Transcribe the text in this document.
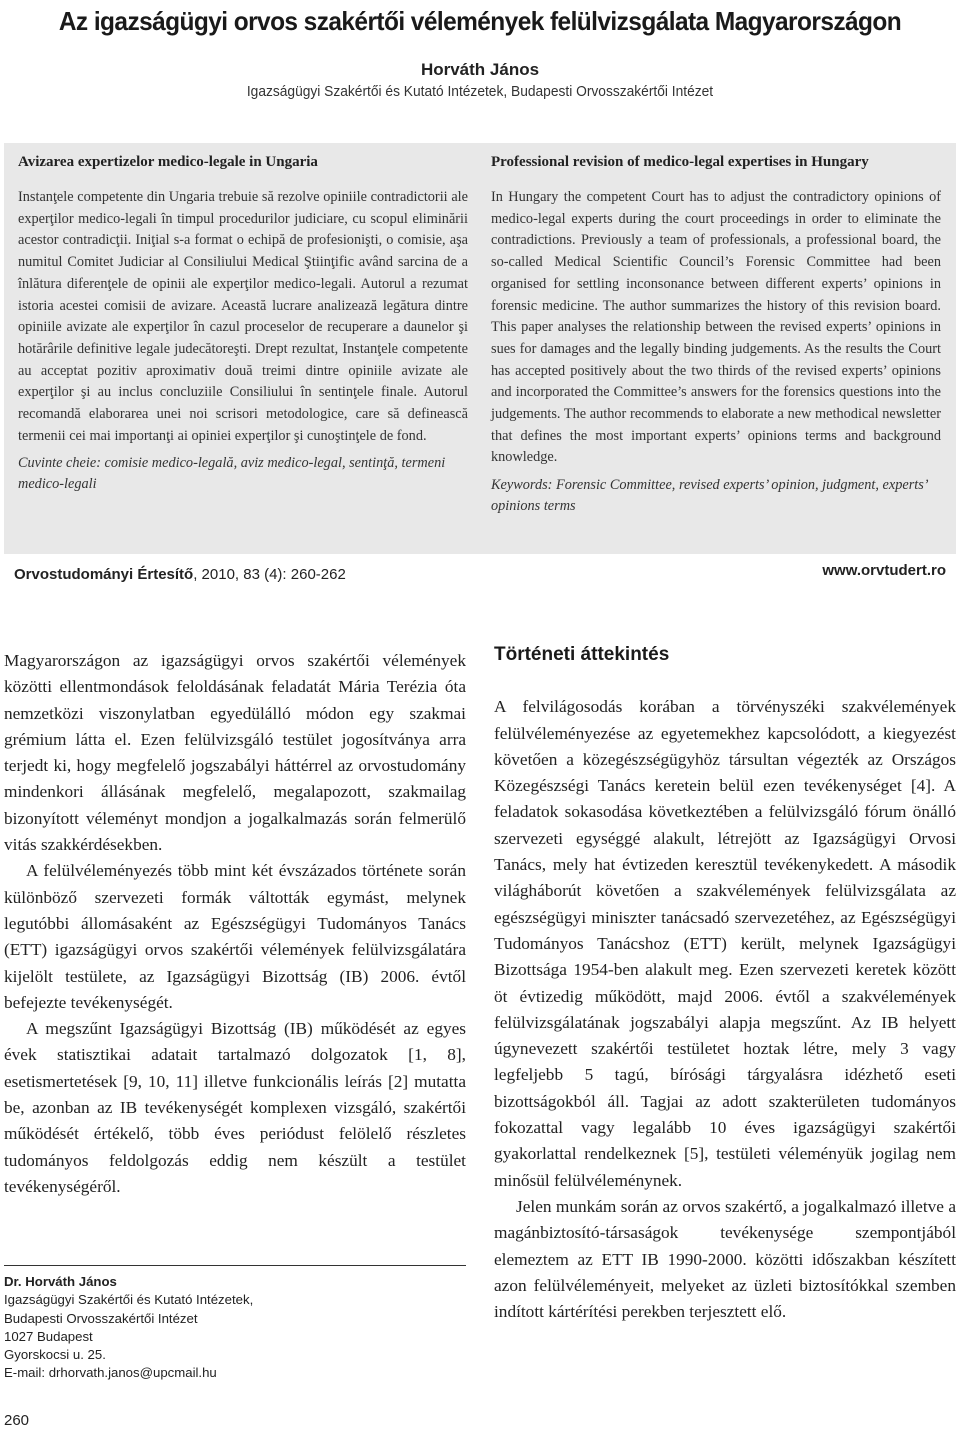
Az igazságügyi orvos szakértői vélemények felülvizsgálata Magyarországon
Horváth János
Igazságügyi Szakértői és Kutató Intézetek, Budapesti Orvosszakértői Intézet
Avizarea expertizelor medico-legale in Ungaria

Instanţele competente din Ungaria trebuie să rezolve opiniile contradictorii ale experţilor medico-legali în timpul procedurilor judiciare, cu scopul eliminării acestor contradicţii. Iniţial s-a format o echipă de profesionişti, o comisie, aşa numitul Comitet Judiciar al Consiliului Medical Ştiinţific având sarcina de a înlătura diferenţele de opinii ale experţilor medico-legali. Autorul a rezumat istoria acestei comisii de avizare. Această lucrare analizează legătura dintre opiniile avizate ale experţilor în cazul proceselor de recuperare a daunelor şi hotărârile definitive legale judecătoreşti. Drept rezultat, Instanţele competente au acceptat pozitiv aproximativ două treimi dintre opiniile avizate ale experţilor şi au inclus concluziile Consiliului în sentinţele finale. Autorul recomandă elaborarea unei noi scrisori metodologice, care să definească termenii cei mai importanţi ai opiniei experţilor şi cunoştinţele de fond.

Cuvinte cheie: comisie medico-legală, aviz medico-legal, sentinţă, termeni medico-legali

Professional revision of medico-legal expertises in Hungary

In Hungary the competent Court has to adjust the contradictory opinions of medico-legal experts during the court proceedings in order to eliminate the contradictions. Previously a team of professionals, a professional board, the so-called Medical Scientific Council’s Forensic Committee had been organised for settling inconsonance between different experts’ opinions in forensic medicine. The author summarizes the history of this revision board. This paper analyses the relationship between the revised experts’ opinions in sues for damages and the legally binding judgements. As the results the Court has accepted positively about the two thirds of the revised experts’ opinions and incorporated the Committee’s answers for the forensics questions into the judgements. The author recommends to elaborate a new methodical newsletter that defines the most important experts’ opinions terms and background knowledge.

Keywords: Forensic Committee, revised experts’ opinion, judgment, experts’ opinions terms

Orvostudományi Értesítő, 2010, 83 (4): 260-262	www.orvtudert.ro

Magyarországon az igazságügyi orvos szakértői vélemények közötti ellentmondások feloldásának feladatát Mária Terézia óta nemzetközi viszonylatban egyedülálló módon egy szakmai grémium látta el. Ezen felülvizsgáló testület jogosítványa arra terjedt ki, hogy megfelelő jogszabályi háttérrel az orvostudomány mindenkori állásának megfelelő, megalapozott, szakmailag bizonyított véleményt mondjon a jogalkalmazás során felmerülő vitás szakkérdésekben.

A felülvéleményezés több mint két évszázados története során különböző szervezeti formák váltották egymást, melynek legutóbbi állomásaként az Egészségügyi Tudományos Tanács (ETT) igazságügyi orvos szakértői vélemények felülvizsgálatára kijelölt testülete, az Igazságügyi Bizottság (IB) 2006. évtől befejezte tevékenységét.

A megszűnt Igazságügyi Bizottság (IB) működését az egyes évek statisztikai adatait tartalmazó dolgozatok [1, 8], esetismertetések [9, 10, 11] illetve funkcionális leírás [2] mutatta be, azonban az IB tevékenységét komplexen vizsgáló, szakértői működését értékelő, több éves periódust felölelő részletes tudományos feldolgozás eddig nem készült a testület tevékenységéről.

Dr. Horváth János
Igazságügyi Szakértői és Kutató Intézetek,
Budapesti Orvosszakértői Intézet
1027 Budapest
Gyorskocsi u. 25.
E-mail: drhorvath.janos@upcmail.hu
Történeti áttekintés

A felvilágosodás korában a törvényszéki szakvélemények felülvéleményezése az egyetemekhez kapcsolódott, a kiegyezést követően a közegészségügyhöz társultan végezték az Országos Közegészségi Tanács keretein belül ezen tevékenységet [4]. A feladatok sokasodása következtében a felülvizsgáló fórum önálló szervezeti egységgé alakult, létrejött az Igazságügyi Orvosi Tanács, mely hat évtizeden keresztül tevékenykedett. A második világháborút követően a szakvélemények felülvizsgálata az egészségügyi miniszter tanácsadó szervezetéhez, az Egészségügyi Tudományos Tanácshoz (ETT) került, melynek Igazságügyi Bizottsága 1954-ben alakult meg. Ezen szervezeti keretek között öt évtizedig működött, majd 2006. évtől a szakvélemények felülvizsgálatának jogszabályi alapja megszűnt. Az IB helyett úgynevezett szakértői testületet hoztak létre, mely 3 vagy legfeljebb 5 tagú, bírósági tárgyalásra idézhető eseti bizottságokból áll. Tagjai az adott szakterületen tudományos fokozattal vagy legalább 10 éves igazságügyi szakértői gyakorlattal rendelkeznek [5], testületi véleményük jogilag nem minősül felülvéleménynek.

Jelen munkám során az orvos szakértő, a jogalkalmazó illetve a magánbiztosító-társaságok tevékenysége szempontjából elemeztem az ETT IB 1990-2000. közötti időszakban készített azon felülvéleményeit, melyeket az üzleti biztosítókkal szemben indított kártérítési perekben terjesztett elő.

260
